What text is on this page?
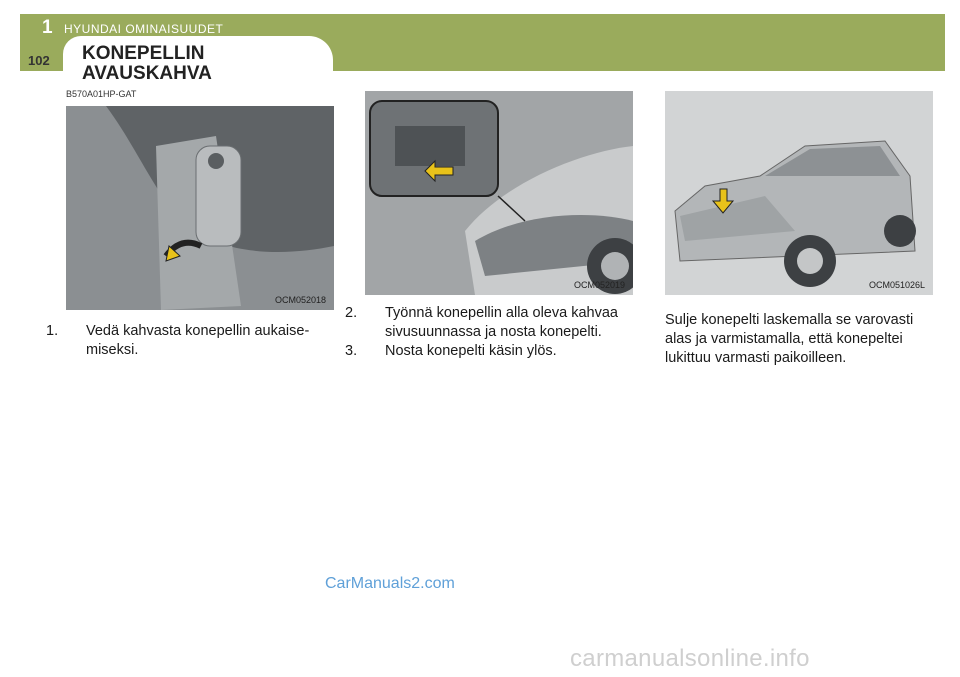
1 HYUNDAI OMINAISUUDET
102 KONEPELLIN
AVAUSKAHVA
B570A01HP-GAT
OCM052018
OCM052019	OCM051026L
1. Vedä kahvasta konepellin aukaise-miseksi.
2. Työnnä konepellin alla oleva kahvaa sivusuunnassa ja nosta konepelti.
3. Nosta konepelti käsin ylös.
Sulje konepelti laskemalla se varovasti alas ja varmistamalla, että konepeltei lukittuu varmasti paikoilleen.
CarManuals2.com
carmanualsonline.info
